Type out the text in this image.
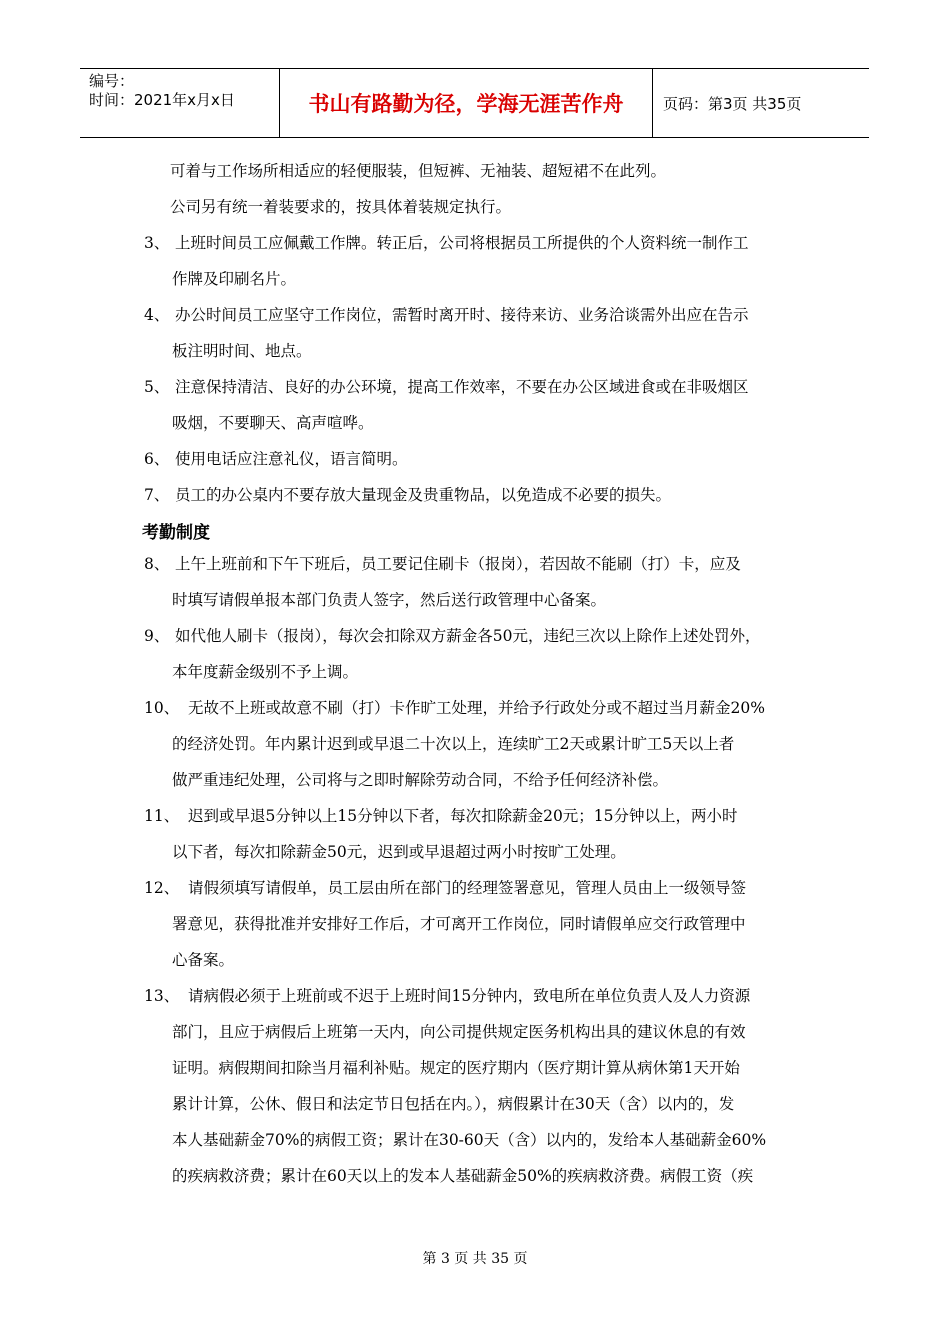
编号：
时间：2021年x月x日	书山有路勤为径，学海无涯苦作舟	页码：第3页 共35页
可着与工作场所相适应的轻便服装，但短裤、无袖装、超短裙不在此列。
公司另有统一着装要求的，按具体着装规定执行。
3、 上班时间员工应佩戴工作牌。转正后，公司将根据员工所提供的个人资料统一制作工
作牌及印刷名片。
4、 办公时间员工应坚守工作岗位，需暂时离开时、接待来访、业务洽谈需外出应在告示
板注明时间、地点。
5、 注意保持清洁、良好的办公环境，提高工作效率，不要在办公区域进食或在非吸烟区
吸烟，不要聊天、高声喧哗。
6、 使用电话应注意礼仪，语言简明。
7、 员工的办公桌内不要存放大量现金及贵重物品，以免造成不必要的损失。
考勤制度
8、 上午上班前和下午下班后，员工要记住刷卡（报岗），若因故不能刷（打）卡，应及
时填写请假单报本部门负责人签字，然后送行政管理中心备案。
9、 如代他人刷卡（报岗），每次会扣除双方薪金各50元，违纪三次以上除作上述处罚外，
本年度薪金级别不予上调。
10、 无故不上班或故意不刷（打）卡作旷工处理，并给予行政处分或不超过当月薪金20%
的经济处罚。年内累计迟到或早退二十次以上，连续旷工2天或累计旷工5天以上者
做严重违纪处理，公司将与之即时解除劳动合同，不给予任何经济补偿。
11、 迟到或早退5分钟以上15分钟以下者，每次扣除薪金20元；15分钟以上，两小时
以下者，每次扣除薪金50元，迟到或早退超过两小时按旷工处理。
12、 请假须填写请假单，员工层由所在部门的经理签署意见，管理人员由上一级领导签
署意见，获得批准并安排好工作后，才可离开工作岗位，同时请假单应交行政管理中
心备案。
13、 请病假必须于上班前或不迟于上班时间15分钟内，致电所在单位负责人及人力资源
部门，且应于病假后上班第一天内，向公司提供规定医务机构出具的建议休息的有效
证明。病假期间扣除当月福利补贴。规定的医疗期内（医疗期计算从病休第1天开始
累计计算，公休、假日和法定节日包括在内。），病假累计在30天（含）以内的，发
本人基础薪金70%的病假工资；累计在30-60天（含）以内的，发给本人基础薪金60%
的疾病救济费；累计在60天以上的发本人基础薪金50%的疾病救济费。病假工资（疾
第 3 页 共 35 页
